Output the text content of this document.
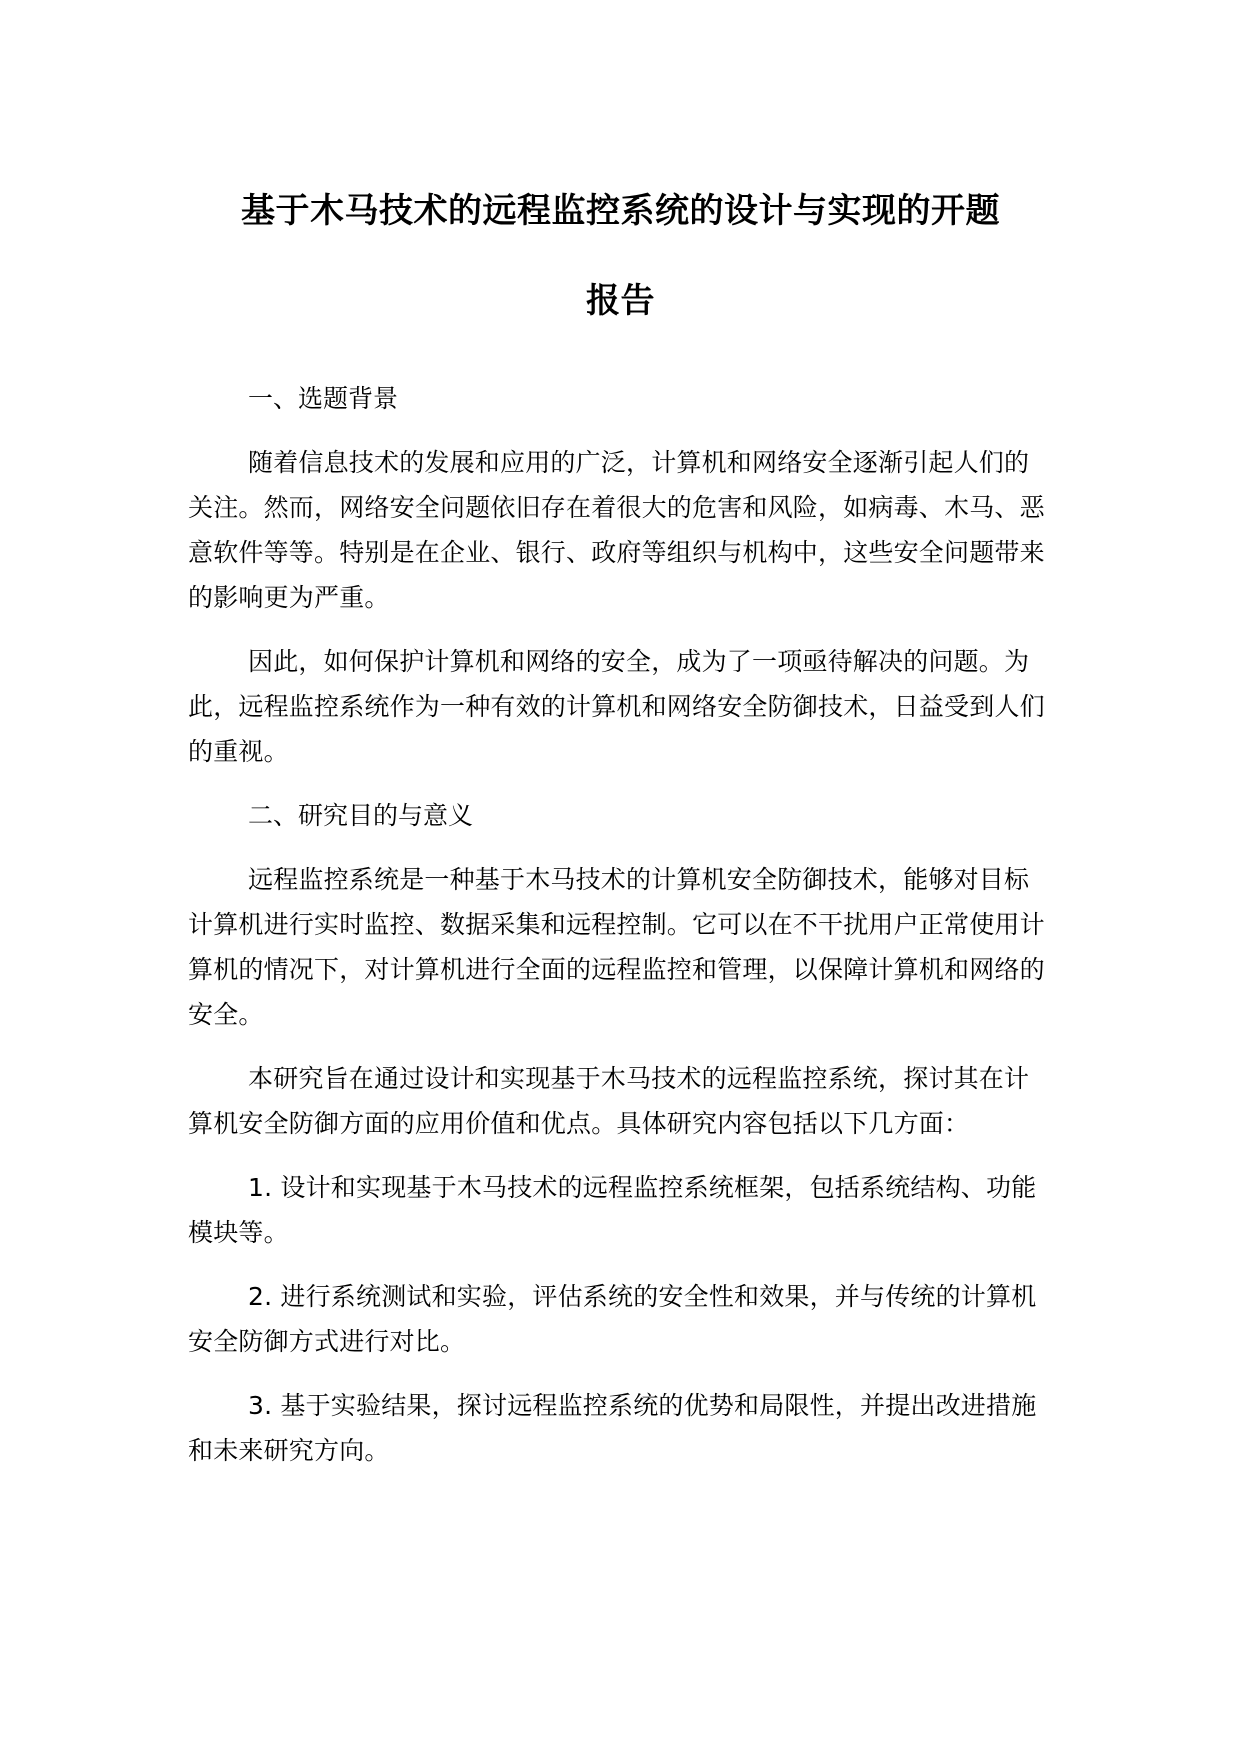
基于木马技术的远程监控系统的设计与实现的开题
报告

一、选题背景

随着信息技术的发展和应用的广泛，计算机和网络安全逐渐引起人们的关注。然而，网络安全问题依旧存在着很大的危害和风险，如病毒、木马、恶意软件等等。特别是在企业、银行、政府等组织与机构中，这些安全问题带来的影响更为严重。

因此，如何保护计算机和网络的安全，成为了一项亟待解决的问题。为此，远程监控系统作为一种有效的计算机和网络安全防御技术，日益受到人们的重视。

二、研究目的与意义

远程监控系统是一种基于木马技术的计算机安全防御技术，能够对目标计算机进行实时监控、数据采集和远程控制。它可以在不干扰用户正常使用计算机的情况下，对计算机进行全面的远程监控和管理，以保障计算机和网络的安全。

本研究旨在通过设计和实现基于木马技术的远程监控系统，探讨其在计算机安全防御方面的应用价值和优点。具体研究内容包括以下几方面：

1. 设计和实现基于木马技术的远程监控系统框架，包括系统结构、功能模块等。

2. 进行系统测试和实验，评估系统的安全性和效果，并与传统的计算机安全防御方式进行对比。

3. 基于实验结果，探讨远程监控系统的优势和局限性，并提出改进措施和未来研究方向。
